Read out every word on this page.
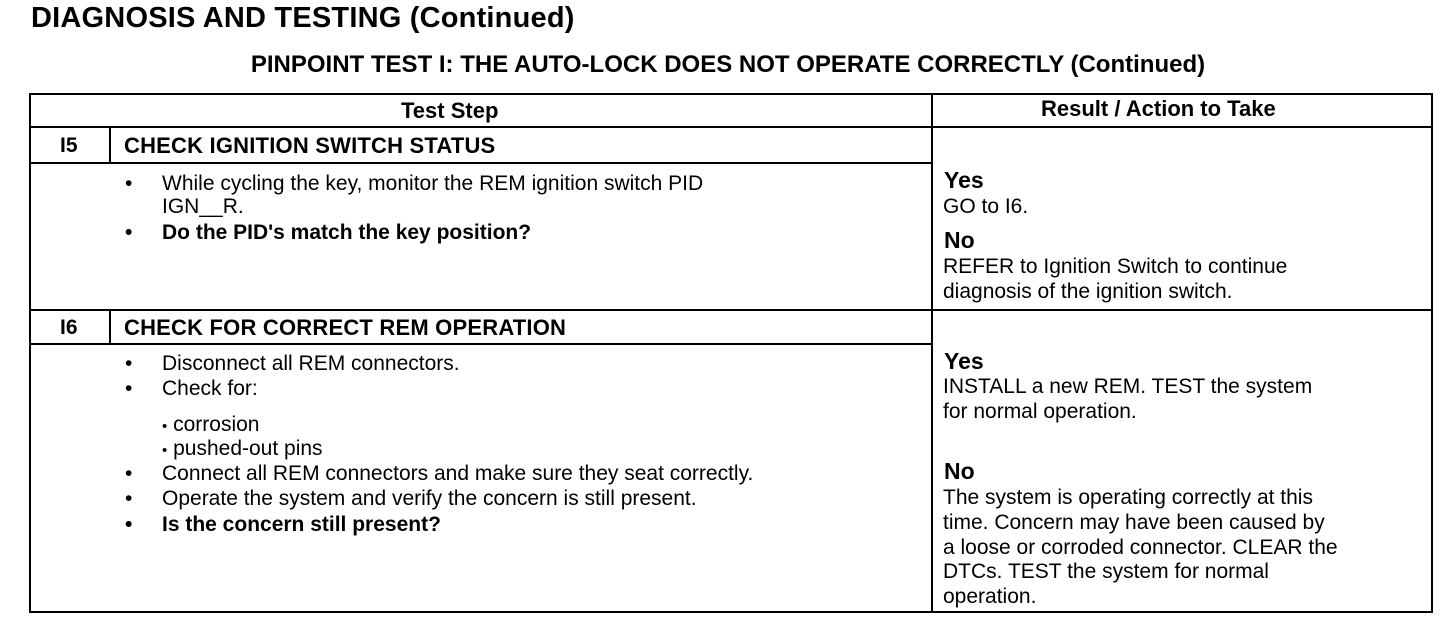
DIAGNOSIS AND TESTING (Continued)
PINPOINT TEST I: THE AUTO-LOCK DOES NOT OPERATE CORRECTLY (Continued)
Test Step	Result / Action to Take
I5 CHECK IGNITION SWITCH STATUS
• While cycling the key, monitor the REM ignition switch PID
IGN__R.
• Do the PID's match the key position?
Yes
GO to I6.
No
REFER to Ignition Switch to continue
diagnosis of the ignition switch.
I6 CHECK FOR CORRECT REM OPERATION
• Disconnect all REM connectors.
• Check for:
• corrosion
• pushed-out pins
• Connect all REM connectors and make sure they seat correctly.
• Operate the system and verify the concern is still present.
• Is the concern still present?
Yes
INSTALL a new REM. TEST the system
for normal operation.
No
The system is operating correctly at this
time. Concern may have been caused by
a loose or corroded connector. CLEAR the
DTCs. TEST the system for normal
operation.
